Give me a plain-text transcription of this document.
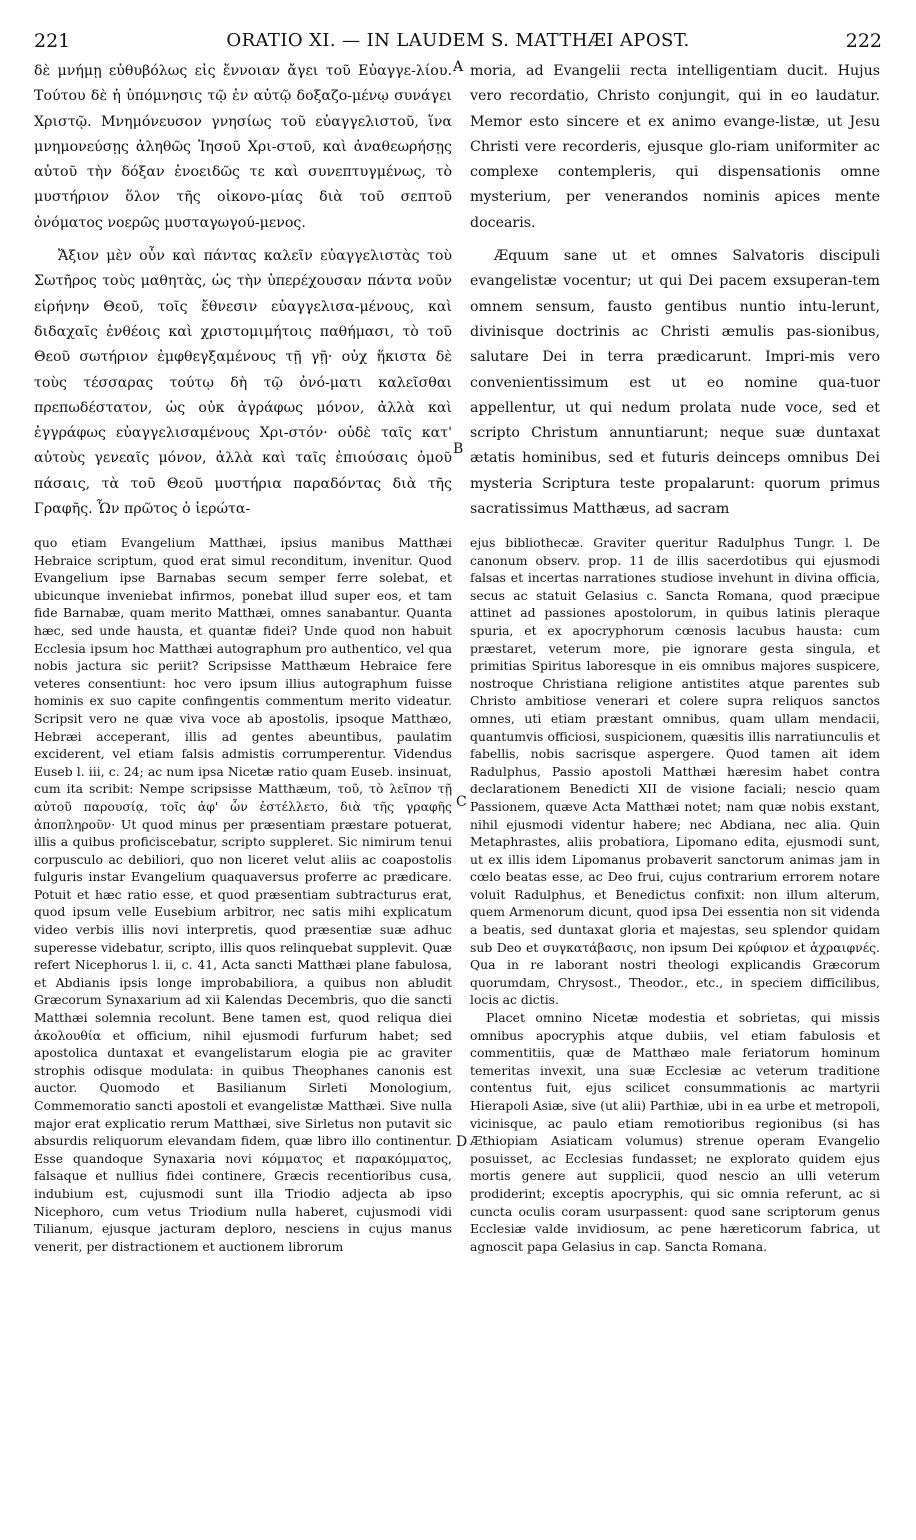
221	ORATIO XI. — IN LAUDEM S. MATTHÆI APOST.	222

δὲ μνήμῃ εὐθυβόλως εἰς ἔννοιαν ἄγει τοῦ Εὐαγγε-λίου. Τούτου δὲ ἡ ὑπόμνησις τῷ ἐν αὐτῷ δοξαζο-μένῳ συνάγει Χριστῷ. Μνημόνευσον γνησίως τοῦ εὐαγγελιστοῦ, ἵνα μνημονεύσῃς ἀληθῶς Ἰησοῦ Χρι-στοῦ, καὶ ἀναθεωρήσῃς αὐτοῦ τὴν δόξαν ἑνοειδῶς τε καὶ συνεπτυγμένως, τὸ μυστήριον ὅλον τῆς οἰκονο-μίας διὰ τοῦ σεπτοῦ ὀνόματος νοερῶς μυσταγωγού-μενος.

Ἄξιον μὲν οὖν καὶ πάντας καλεῖν εὐαγγελιστὰς τοὺ Σωτῆρος τοὺς μαθητὰς, ὡς τὴν ὑπερέχουσαν πάντα νοῦν εἰρήνην Θεοῦ, τοῖς ἔθνεσιν εὐαγγελισα-μένους, καὶ διδαχαῖς ἐνθέοις καὶ χριστομιμήτοις παθήμασι, τὸ τοῦ Θεοῦ σωτήριον ἐμφθεγξαμένους τῇ γῇ· οὐχ ἥκιστα δὲ τοὺς τέσσαρας τούτῳ δὴ τῷ ὀνό-ματι καλεῖσθαι πρεπωδέστατον, ὡς οὐκ ἀγράφως μόνον, ἀλλὰ καὶ ἐγγράφως εὐαγγελισαμένους Χρι-στόν· οὐδὲ ταῖς κατ' αὐτοὺς γενεαῖς μόνον, ἀλλὰ καὶ ταῖς ἐπιούσαις ὁμοῦ πάσαις, τὰ τοῦ Θεοῦ μυστήρια παραδόντας διὰ τῆς Γραφῆς. Ὧν πρῶτος ὁ ἱερώτα-

moria, ad Evangelii recta intelligentiam ducit. Hujus vero recordatio, Christo conjungit, qui in eo laudatur. Memor esto sincere et ex animo evange-listæ, ut Jesu Christi vere recorderis, ejusque glo-riam uniformiter ac complexe contempleris, qui dispensationis omne mysterium, per venerandos nominis apices mente docearis.

Æquum sane ut et omnes Salvatoris discipuli evangelistæ vocentur; ut qui Dei pacem exsuperan-tem omnem sensum, fausto gentibus nuntio intu-lerunt, divinisque doctrinis ac Christi æmulis pas-sionibus, salutare Dei in terra prædicarunt. Impri-mis vero convenientissimum est ut eo nomine qua-tuor appellentur, ut qui nedum prolata nude voce, sed et scripto Christum annuntiarunt; neque suæ duntaxat ætatis hominibus, sed et futuris deinceps omnibus Dei mysteria Scriptura teste propalarunt: quorum primus sacratissimus Matthæus, ad sacram

A
B
C
D

quo etiam Evangelium Matthæi, ipsius manibus Matthæi Hebraice scriptum, quod erat simul reconditum, invenitur. Quod Evangelium ipse Barnabas secum semper ferre solebat, et ubicunque inveniebat infirmos, ponebat illud super eos, et tam fide Barnabæ, quam merito Matthæi, omnes sanabantur. Quanta hæc, sed unde hausta, et quantæ fidei? Unde quod non habuit Ecclesia ipsum hoc Matthæi autographum pro authentico, vel qua nobis jactura sic periit? Scripsisse Matthæum Hebraice fere veteres consentiunt: hoc vero ipsum illius autographum fuisse hominis ex suo capite confingentis commentum merito videatur. Scripsit vero ne quæ viva voce ab apostolis, ipsoque Matthæo, Hebræi acceperant, illis ad gentes abeuntibus, paulatim exciderent, vel etiam falsis admistis corrumperentur. Videndus Euseb l. iii, c. 24; ac num ipsa Nicetæ ratio quam Euseb. insinuat, cum ita scribit: Nempe scripsisse Matthæum, τοῦ, τὸ λεῖπον τῇ αὐτοῦ παρουσίᾳ, τοῖς ἀφ' ὧν ἐστέλλετο, διὰ τῆς γραφῆς ἀποπληροῦν· Ut quod minus per præsentiam præstare potuerat, illis a quibus proficiscebatur, scripto suppleret. Sic nimirum tenui corpusculo ac debiliori, quo non liceret velut aliis ac coapostolis fulguris instar Evangelium quaquaversus proferre ac prædicare. Potuit et hæc ratio esse, et quod præsentiam subtracturus erat, quod ipsum velle Eusebium arbitror, nec satis mihi explicatum video verbis illis novi interpretis, quod præsentiæ suæ adhuc superesse videbatur, scripto, illis quos relinquebat supplevit. Quæ refert Nicephorus l. ii, c. 41, Acta sancti Matthæi plane fabulosa, et Abdianis ipsis longe improbabiliora, a quibus non abludit Græcorum Synaxarium ad xii Kalendas Decembris, quo die sancti Matthæi solemnia recolunt. Bene tamen est, quod reliqua diei ἀκολουθία et officium, nihil ejusmodi furfurum habet; sed apostolica duntaxat et evangelistarum elogia pie ac graviter strophis odisque modulata: in quibus Theophanes canonis est auctor. Quomodo et Basilianum Sirleti Monologium, Commemoratio sancti apostoli et evangelistæ Matthæi. Sive nulla major erat explicatio rerum Matthæi, sive Sirletus non putavit sic absurdis reliquorum elevandam fidem, quæ libro illo continentur. Esse quandoque Synaxaria novi κόμματος et παρακόμματος, falsaque et nullius fidei continere, Græcis recentioribus cusa, indubium est, cujusmodi sunt illa Triodio adjecta ab ipso Nicephoro, cum vetus Triodium nulla haberet, cujusmodi vidi Tilianum, ejusque jacturam deploro, nesciens in cujus manus venerit, per distractionem et auctionem librorum

ejus bibliothecæ. Graviter queritur Radulphus Tungr. l. De canonum observ. prop. 11 de illis sacerdotibus qui ejusmodi falsas et incertas narrationes studiose invehunt in divina officia, secus ac statuit Gelasius c. Sancta Romana, quod præcipue attinet ad passiones apostolorum, in quibus latinis pleraque spuria, et ex apocryphorum cœnosis lacubus hausta: cum præstaret, veterum more, pie ignorare gesta singula, et primitias Spiritus laboresque in eis omnibus majores suspicere, nostroque Christiana religione antistites atque parentes sub Christo ambitiose venerari et colere supra reliquos sanctos omnes, uti etiam præstant omnibus, quam ullam mendacii, quantumvis officiosi, suspicionem, quæsitis illis narratiunculis et fabellis, nobis sacrisque aspergere. Quod tamen ait idem Radulphus, Passio apostoli Matthæi hæresim habet contra declarationem Benedicti XII de visione faciali; nescio quam Passionem, quæve Acta Matthæi notet; nam quæ nobis exstant, nihil ejusmodi videntur habere; nec Abdiana, nec alia. Quin Metaphrastes, aliis probatiora, Lipomano edita, ejusmodi sunt, ut ex illis idem Lipomanus probaverit sanctorum animas jam in cœlo beatas esse, ac Deo frui, cujus contrarium errorem notare voluit Radulphus, et Benedictus confixit: non illum alterum, quem Armenorum dicunt, quod ipsa Dei essentia non sit videnda a beatis, sed duntaxat gloria et majestas, seu splendor quidam sub Deo et συγκατάβασις, non ipsum Dei κρύφιον et ἀχραιφνές. Qua in re laborant nostri theologi explicandis Græcorum quorumdam, Chrysost., Theodor., etc., in speciem difficilibus, locis ac dictis.

Placet omnino Nicetæ modestia et sobrietas, qui missis omnibus apocryphis atque dubiis, vel etiam fabulosis et commentitiis, quæ de Matthæo male feriatorum hominum temeritas invexit, una suæ Ecclesiæ ac veterum traditione contentus fuit, ejus scilicet consummationis ac martyrii Hierapoli Asiæ, sive (ut alii) Parthiæ, ubi in ea urbe et metropoli, vicinisque, ac paulo etiam remotioribus regionibus (si has Æthiopiam Asiaticam volumus) strenue operam Evangelio posuisset, ac Ecclesias fundasset; ne explorato quidem ejus mortis genere aut supplicii, quod nescio an ulli veterum prodiderint; exceptis apocryphis, qui sic omnia referunt, ac si cuncta oculis coram usurpassent: quod sane scriptorum genus Ecclesiæ valde invidiosum, ac pene hæreticorum fabrica, ut agnoscit papa Gelasius in cap. Sancta Romana.
